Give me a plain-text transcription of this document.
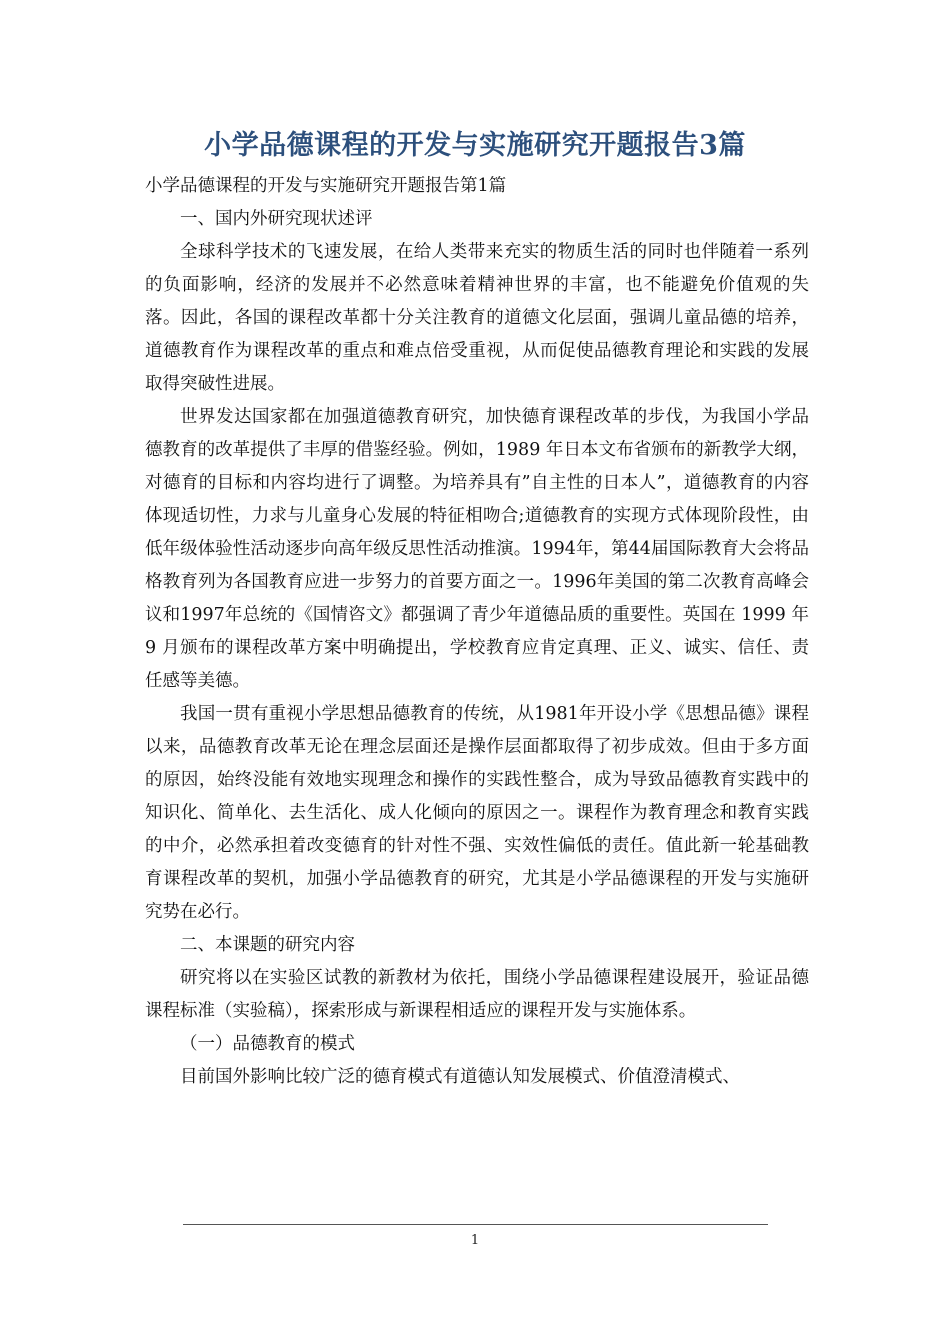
小学品德课程的开发与实施研究开题报告3篇

小学品德课程的开发与实施研究开题报告第1篇

一、国内外研究现状述评

全球科学技术的飞速发展，在给人类带来充实的物质生活的同时也伴随着一系列的负面影响，经济的发展并不必然意味着精神世界的丰富，也不能避免价值观的失落。因此，各国的课程改革都十分关注教育的道德文化层面，强调儿童品德的培养，道德教育作为课程改革的重点和难点倍受重视，从而促使品德教育理论和实践的发展取得突破性进展。

世界发达国家都在加强道德教育研究，加快德育课程改革的步伐，为我国小学品德教育的改革提供了丰厚的借鉴经验。例如，1989 年日本文布省颁布的新教学大纲，对德育的目标和内容均进行了调整。为培养具有”自主性的日本人”，道德教育的内容体现适切性，力求与儿童身心发展的特征相吻合;道德教育的实现方式体现阶段性，由低年级体验性活动逐步向高年级反思性活动推演。1994年，第44届国际教育大会将品格教育列为各国教育应进一步努力的首要方面之一。1996年美国的第二次教育高峰会议和1997年总统的《国情咨文》都强调了青少年道德品质的重要性。英国在 1999 年 9 月颁布的课程改革方案中明确提出，学校教育应肯定真理、正义、诚实、信任、责任感等美德。

我国一贯有重视小学思想品德教育的传统，从1981年开设小学《思想品德》课程以来，品德教育改革无论在理念层面还是操作层面都取得了初步成效。但由于多方面的原因，始终没能有效地实现理念和操作的实践性整合，成为导致品德教育实践中的知识化、简单化、去生活化、成人化倾向的原因之一。课程作为教育理念和教育实践的中介，必然承担着改变德育的针对性不强、实效性偏低的责任。值此新一轮基础教育课程改革的契机，加强小学品德教育的研究，尤其是小学品德课程的开发与实施研究势在必行。

二、本课题的研究内容

研究将以在实验区试教的新教材为依托，围绕小学品德课程建设展开，验证品德课程标准（实验稿），探索形成与新课程相适应的课程开发与实施体系。

（一）品德教育的模式

目前国外影响比较广泛的德育模式有道德认知发展模式、价值澄清模式、

1
